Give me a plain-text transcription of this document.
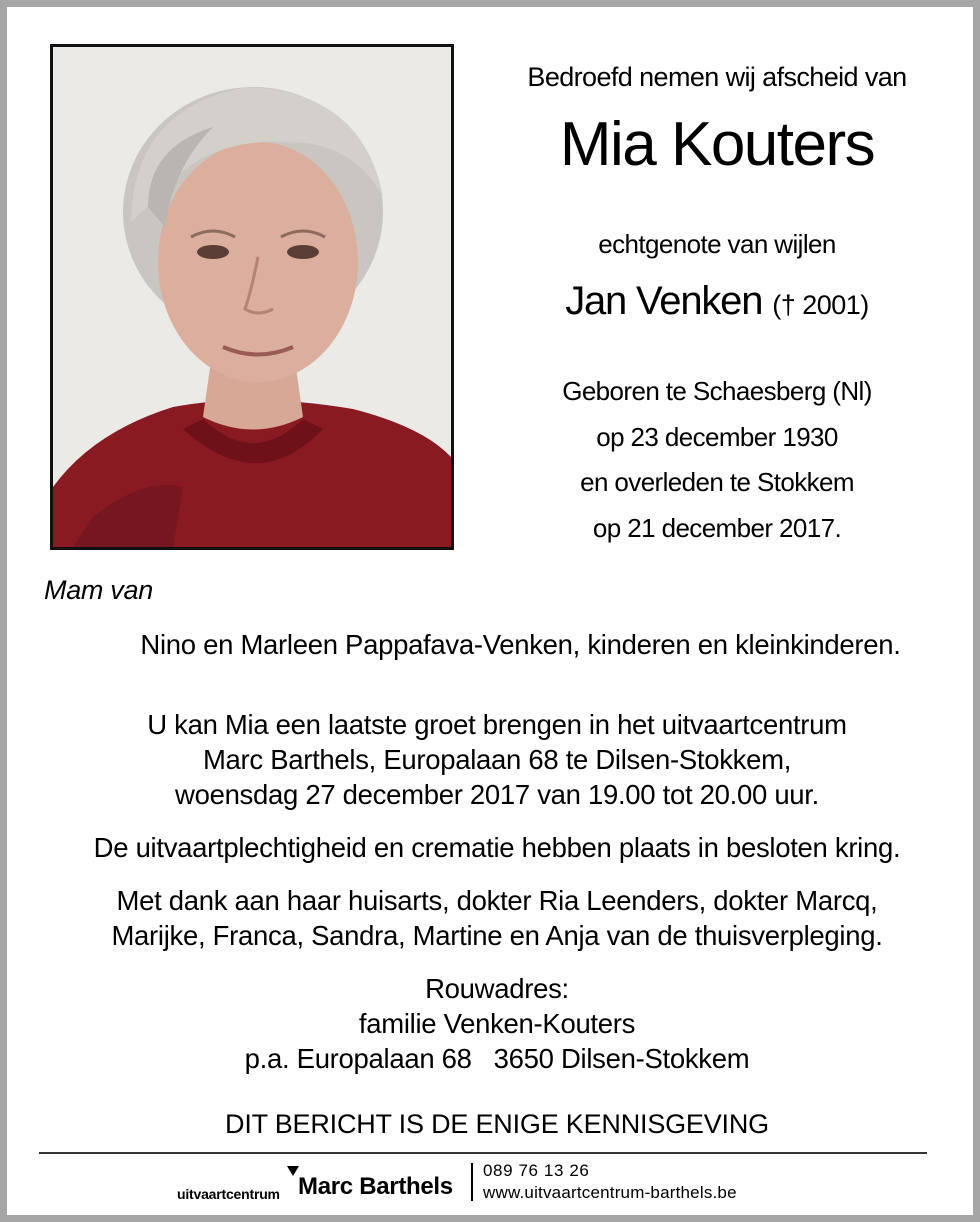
Bedroefd nemen wij afscheid van
Mia Kouters
echtgenote van wijlen
Jan Venken († 2001)
Geboren te Schaesberg (Nl)
op 23 december 1930
en overleden te Stokkem
op 21 december 2017.
Mam van
Nino en Marleen Pappafava-Venken, kinderen en kleinkinderen.
U kan Mia een laatste groet brengen in het uitvaartcentrum
Marc Barthels, Europalaan 68 te Dilsen-Stokkem,
woensdag 27 december 2017 van 19.00 tot 20.00 uur.
De uitvaartplechtigheid en crematie hebben plaats in besloten kring.
Met dank aan haar huisarts, dokter Ria Leenders, dokter Marcq,
Marijke, Franca, Sandra, Martine en Anja van de thuisverpleging.
Rouwadres:
familie Venken-Kouters
p.a. Europalaan 68   3650 Dilsen-Stokkem
DIT BERICHT IS DE ENIGE KENNISGEVING
uitvaartcentrum Marc Barthels
089 76 13 26
www.uitvaartcentrum-barthels.be
